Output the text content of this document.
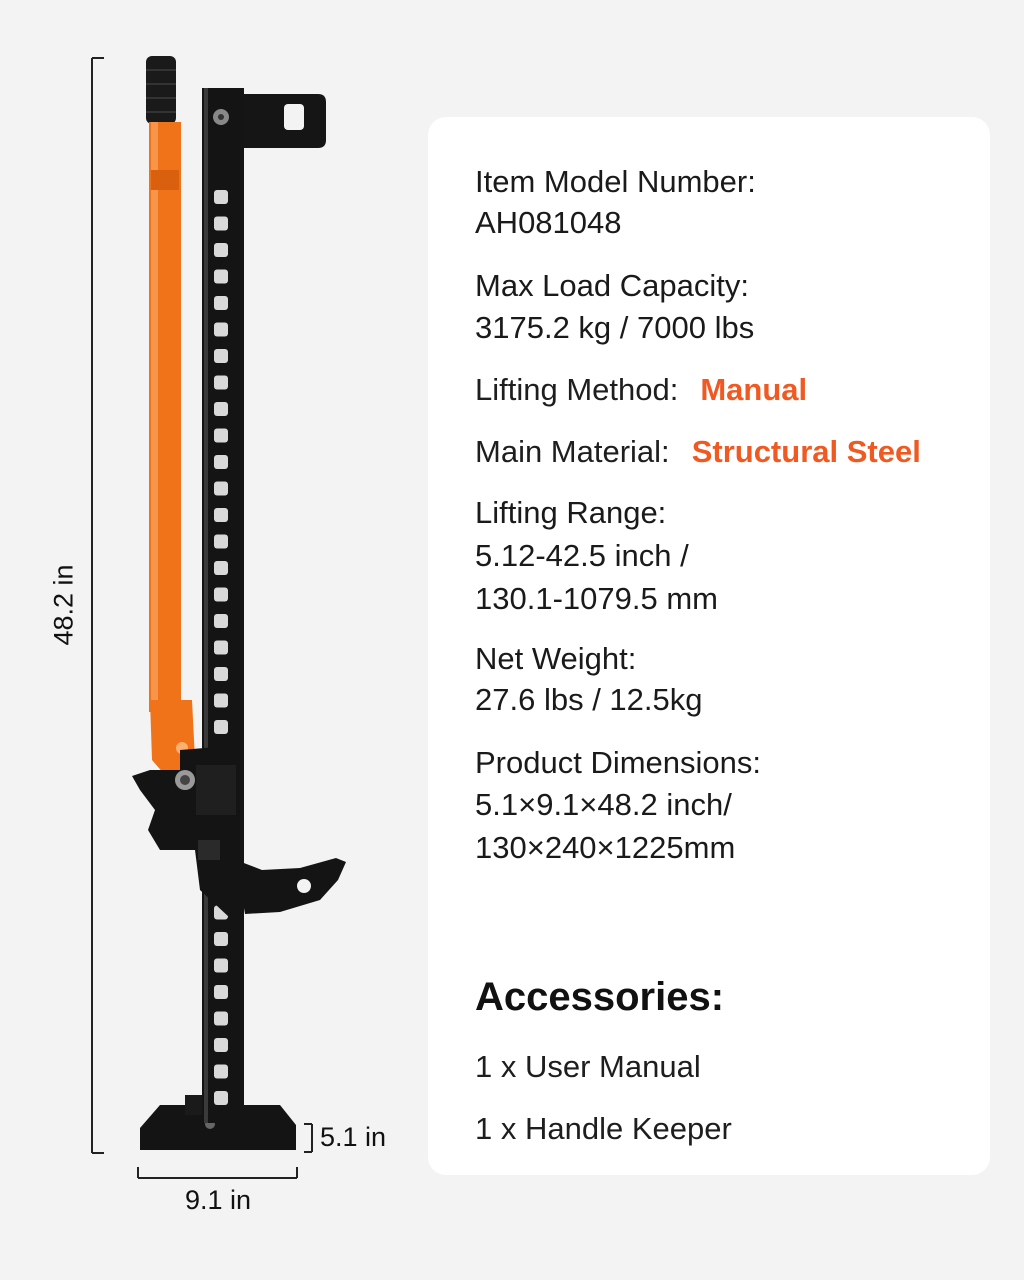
48.2 in
5.1 in
9.1 in
Item Model Number:
AH081048
Max Load Capacity:
3175.2 kg / 7000 lbs
Lifting Method: Manual
Main Material: Structural Steel
Lifting Range:
5.12-42.5 inch /
130.1-1079.5 mm
Net Weight:
27.6 lbs / 12.5kg
Product Dimensions:
5.1×9.1×48.2 inch/
130×240×1225mm
Accessories:
1 x User Manual
1 x Handle Keeper
